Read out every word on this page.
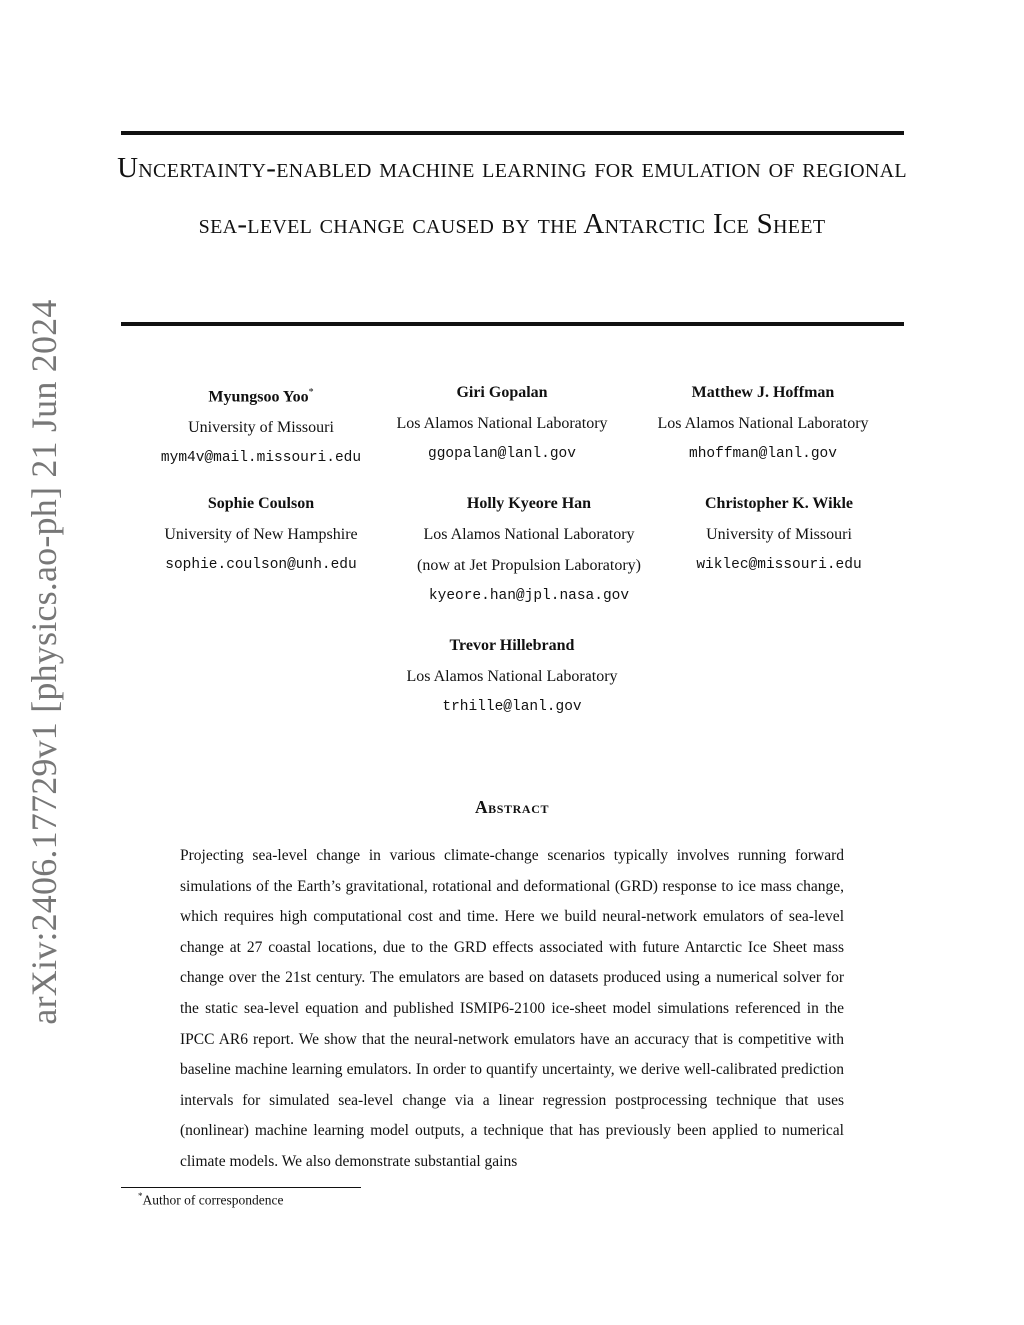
arXiv:2406.17729v1 [physics.ao-ph] 21 Jun 2024
Uncertainty-enabled machine learning for emulation of regional sea-level change caused by the Antarctic Ice Sheet
Myungsoo Yoo*
University of Missouri
mym4v@mail.missouri.edu
Giri Gopalan
Los Alamos National Laboratory
ggopalan@lanl.gov
Matthew J. Hoffman
Los Alamos National Laboratory
mhoffman@lanl.gov
Sophie Coulson
University of New Hampshire
sophie.coulson@unh.edu
Holly Kyeore Han
Los Alamos National Laboratory
(now at Jet Propulsion Laboratory)
kyeore.han@jpl.nasa.gov
Christopher K. Wikle
University of Missouri
wiklec@missouri.edu
Trevor Hillebrand
Los Alamos National Laboratory
trhille@lanl.gov
Abstract

Projecting sea-level change in various climate-change scenarios typically involves running forward simulations of the Earth’s gravitational, rotational and deformational (GRD) response to ice mass change, which requires high computational cost and time. Here we build neural-network emulators of sea-level change at 27 coastal locations, due to the GRD effects associated with future Antarctic Ice Sheet mass change over the 21st century. The emulators are based on datasets produced using a numerical solver for the static sea-level equation and published ISMIP6-2100 ice-sheet model simulations referenced in the IPCC AR6 report. We show that the neural-network emulators have an accuracy that is competitive with baseline machine learning emulators. In order to quantify uncertainty, we derive well-calibrated prediction intervals for simulated sea-level change via a linear regression postprocessing technique that uses (nonlinear) machine learning model outputs, a technique that has previously been applied to numerical climate models. We also demonstrate substantial gains

*Author of correspondence
